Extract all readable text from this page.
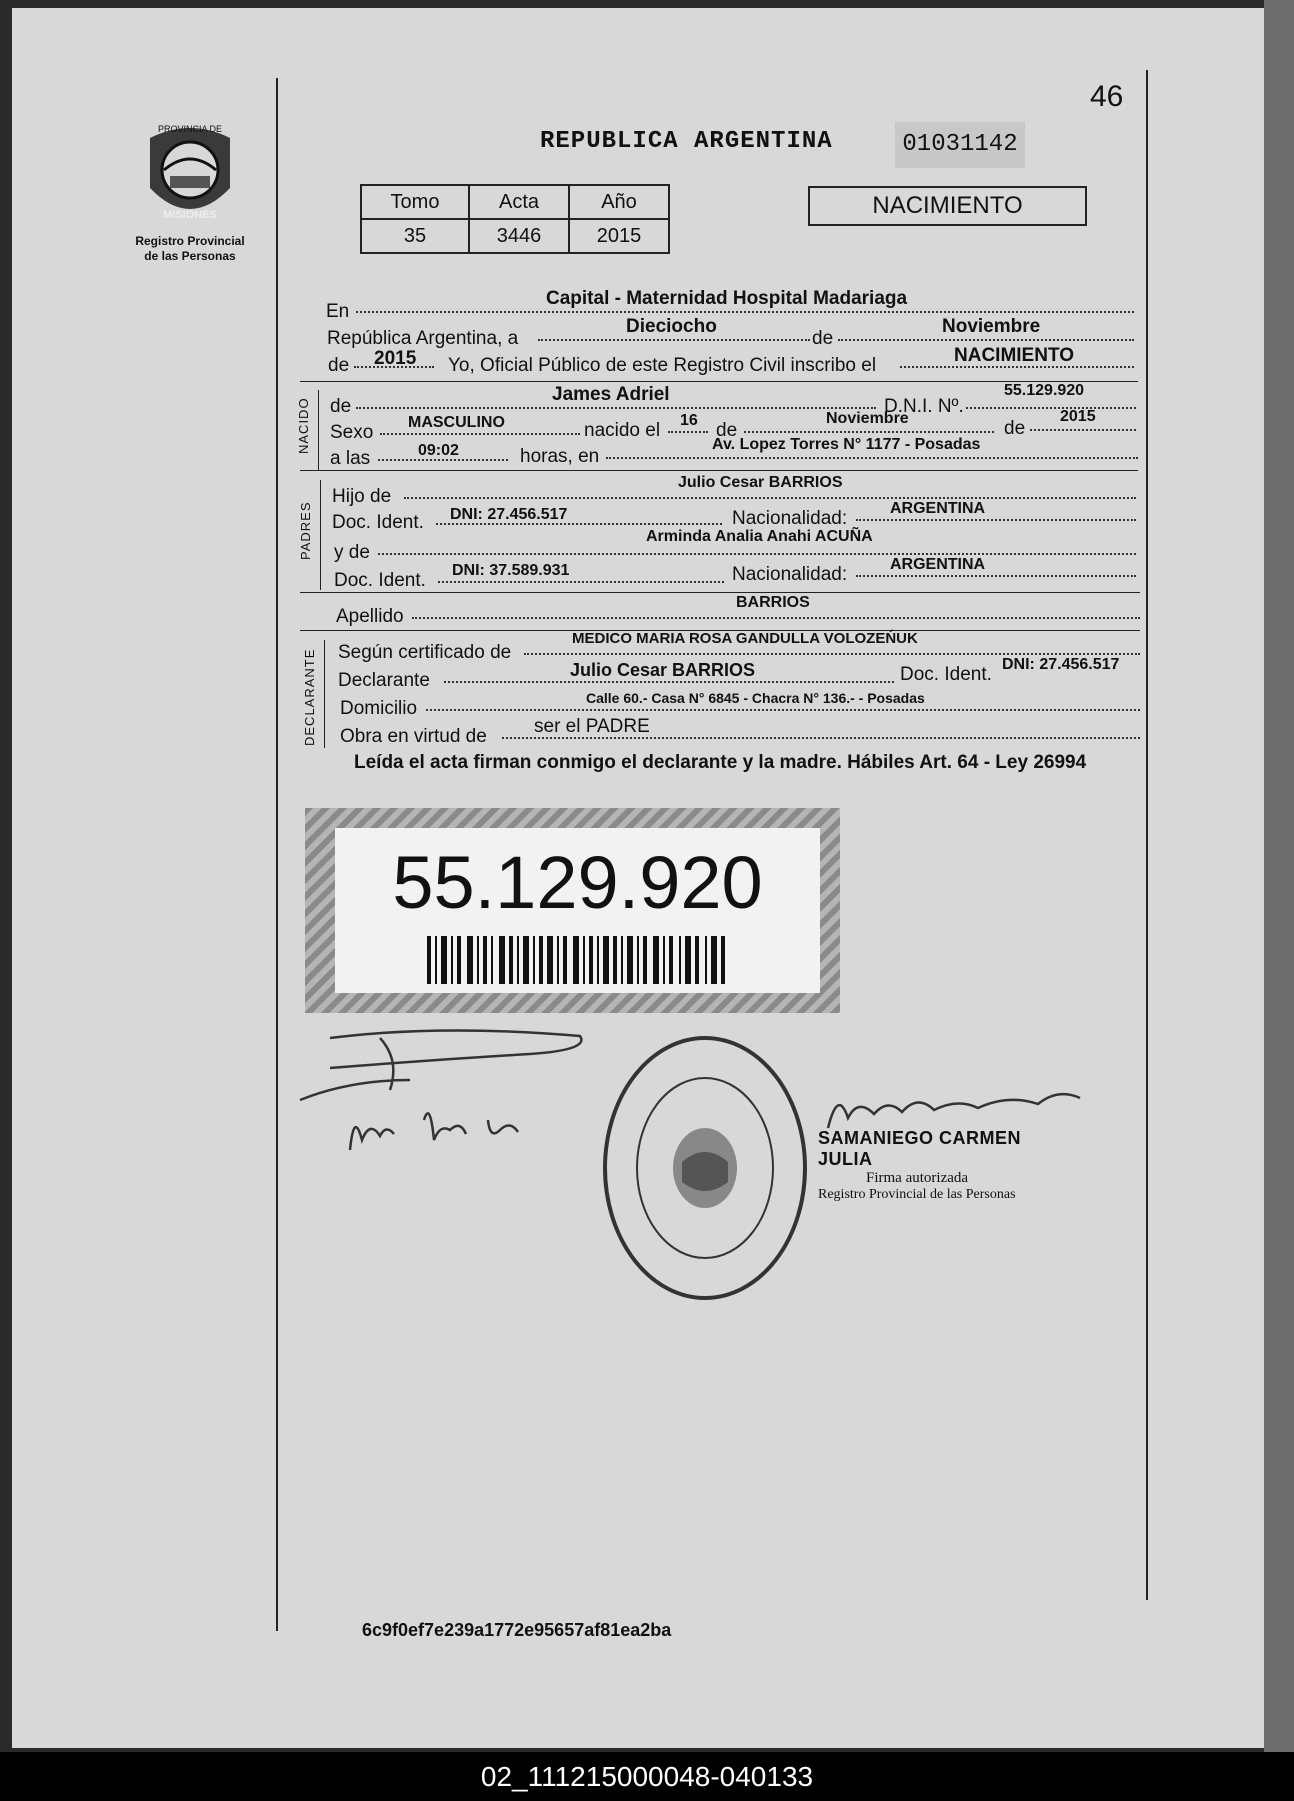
46
PROVINCIA DE
MISIONES
Registro Provincial
de las Personas
REPUBLICA ARGENTINA	01031142
Tomo	Acta	Año
35	3446	2015
NACIMIENTO
En
Capital - Maternidad Hospital Madariaga
República Argentina, a
Dieciocho
de
Noviembre
de 2015 Yo, Oficial Público de este Registro Civil inscribo el	NACIMIENTO
NACIDO de
James Adriel
D.N.I. Nº.
55.129.920
Sexo MASCULINO	nacido el 16 de
Noviembre	de
2015
a las	09:02	horas, en
Av. Lopez Torres N° 1177 - Posadas
PADRES
Hijo de
Julio Cesar BARRIOS
Doc. Ident. DNI: 27.456.517	Nacionalidad:	ARGENTINA
y de
Arminda Analia Anahi ACUÑA
Doc. Ident. DNI: 37.589.931	Nacionalidad:	ARGENTINA
Apellido
BARRIOS
DECLARANTE Según certificado de
MEDICO MARIA ROSA GANDULLA VOLOZEŃUK
Declarante	Julio Cesar BARRIOS	Doc. Ident. DNI: 27.456.517
Domicilio	Calle 60.- Casa N° 6845 - Chacra N° 136.- - Posadas
Obra en virtud de ser el PADRE
Leída el acta firman conmigo el declarante y la madre. Hábiles Art. 64 - Ley 26994
55.129.920
SAMANIEGO CARMEN JULIA
Firma autorizada
Registro Provincial de las Personas
6c9f0ef7e239a1772e95657af81ea2ba
02_111215000048-040133
